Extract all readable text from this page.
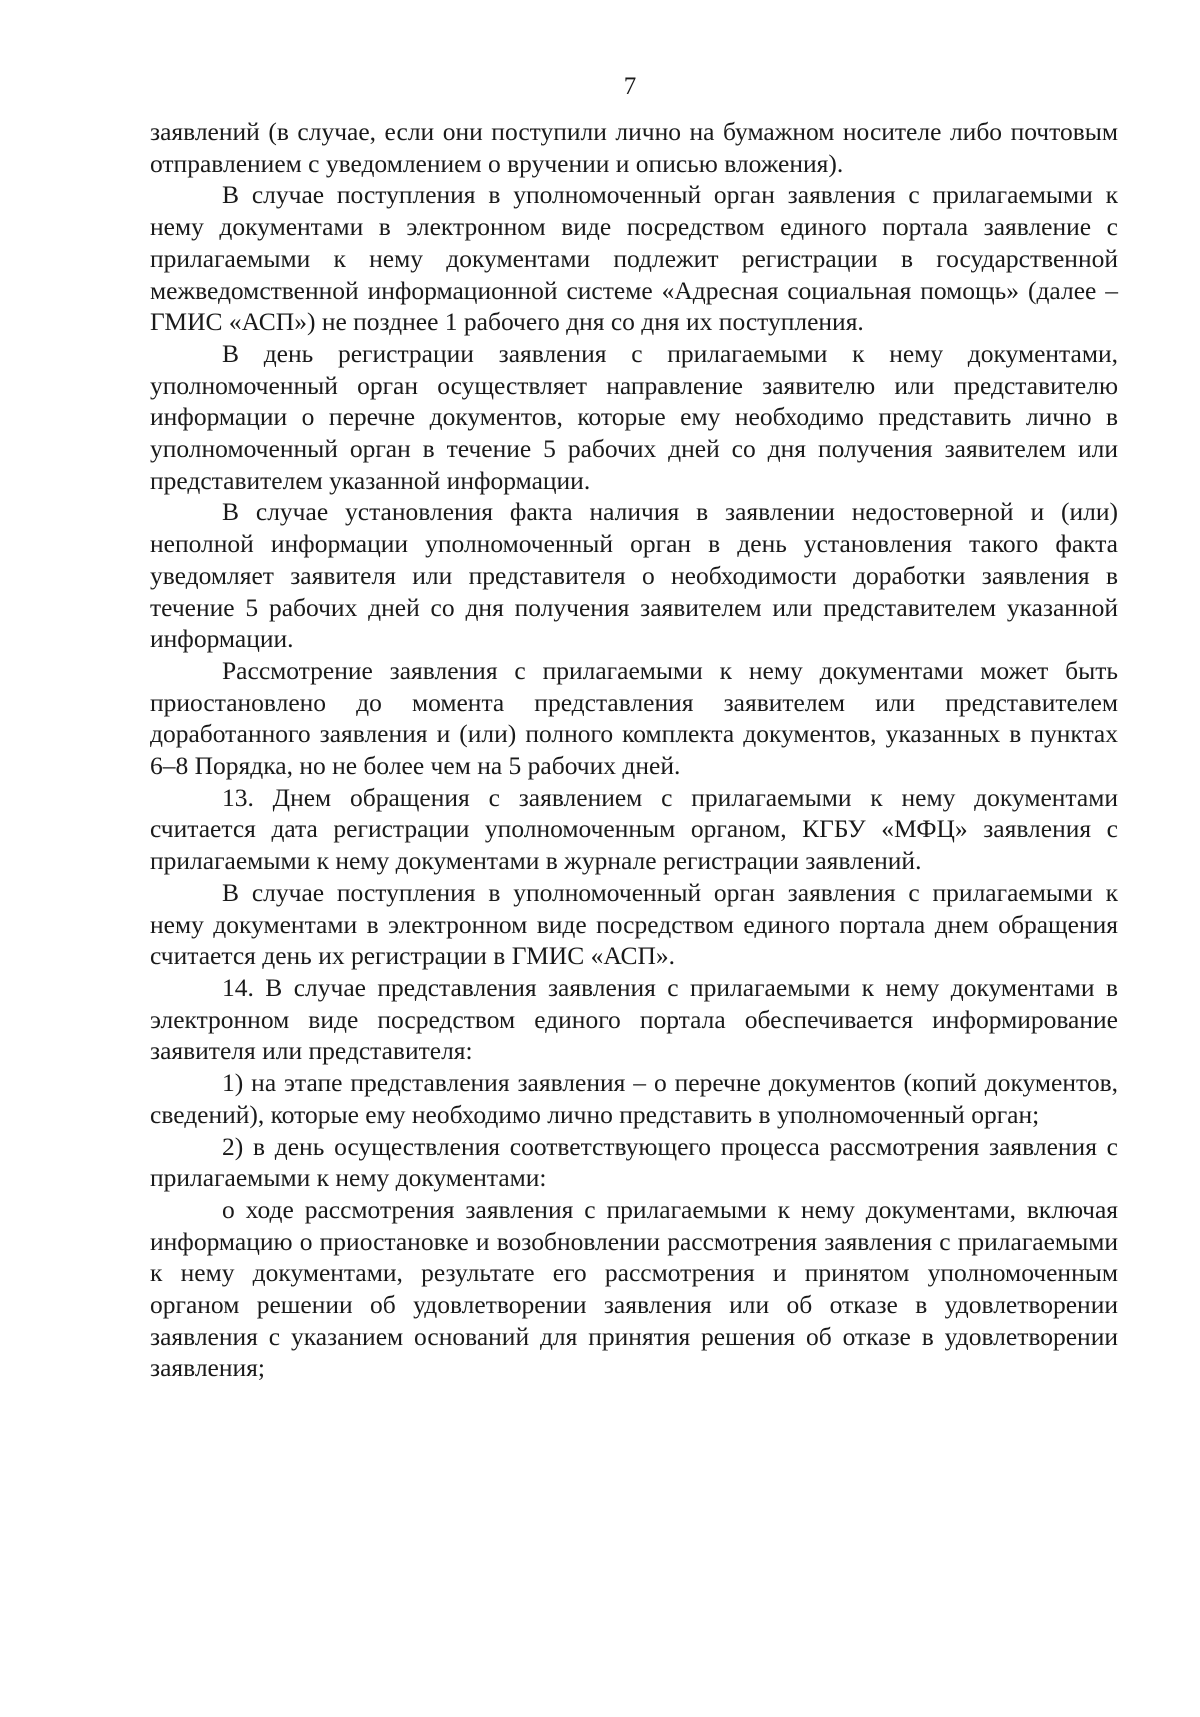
7

заявлений (в случае, если они поступили лично на бумажном носителе либо почтовым отправлением с уведомлением о вручении и описью вложения).

В случае поступления в уполномоченный орган заявления с прилагаемыми к нему документами в электронном виде посредством единого портала заявление с прилагаемыми к нему документами подлежит регистрации в государственной межведомственной информационной системе «Адресная социальная помощь» (далее – ГМИС «АСП») не позднее 1 рабочего дня со дня их поступления.

В день регистрации заявления с прилагаемыми к нему документами, уполномоченный орган осуществляет направление заявителю или представителю информации о перечне документов, которые ему необходимо представить лично в уполномоченный орган в течение 5 рабочих дней со дня получения заявителем или представителем указанной информации.

В случае установления факта наличия в заявлении недостоверной и (или) неполной информации уполномоченный орган в день установления такого факта уведомляет заявителя или представителя о необходимости доработки заявления в течение 5 рабочих дней со дня получения заявителем или представителем указанной информации.

Рассмотрение заявления с прилагаемыми к нему документами может быть приостановлено до момента представления заявителем или представителем доработанного заявления и (или) полного комплекта документов, указанных в пунктах 6–8 Порядка, но не более чем на 5 рабочих дней.

13. Днем обращения с заявлением с прилагаемыми к нему документами считается дата регистрации уполномоченным органом, КГБУ «МФЦ» заявления с прилагаемыми к нему документами в журнале регистрации заявлений.

В случае поступления в уполномоченный орган заявления с прилагаемыми к нему документами в электронном виде посредством единого портала днем обращения считается день их регистрации в ГМИС «АСП».

14. В случае представления заявления с прилагаемыми к нему документами в электронном виде посредством единого портала обеспечивается информирование заявителя или представителя:

1) на этапе представления заявления – о перечне документов (копий документов, сведений), которые ему необходимо лично представить в уполномоченный орган;

2) в день осуществления соответствующего процесса рассмотрения заявления с прилагаемыми к нему документами:

о ходе рассмотрения заявления с прилагаемыми к нему документами, включая информацию о приостановке и возобновлении рассмотрения заявления с прилагаемыми к нему документами, результате его рассмотрения и принятом уполномоченным органом решении об удовлетворении заявления или об отказе в удовлетворении заявления с указанием оснований для принятия решения об отказе в удовлетворении заявления;
